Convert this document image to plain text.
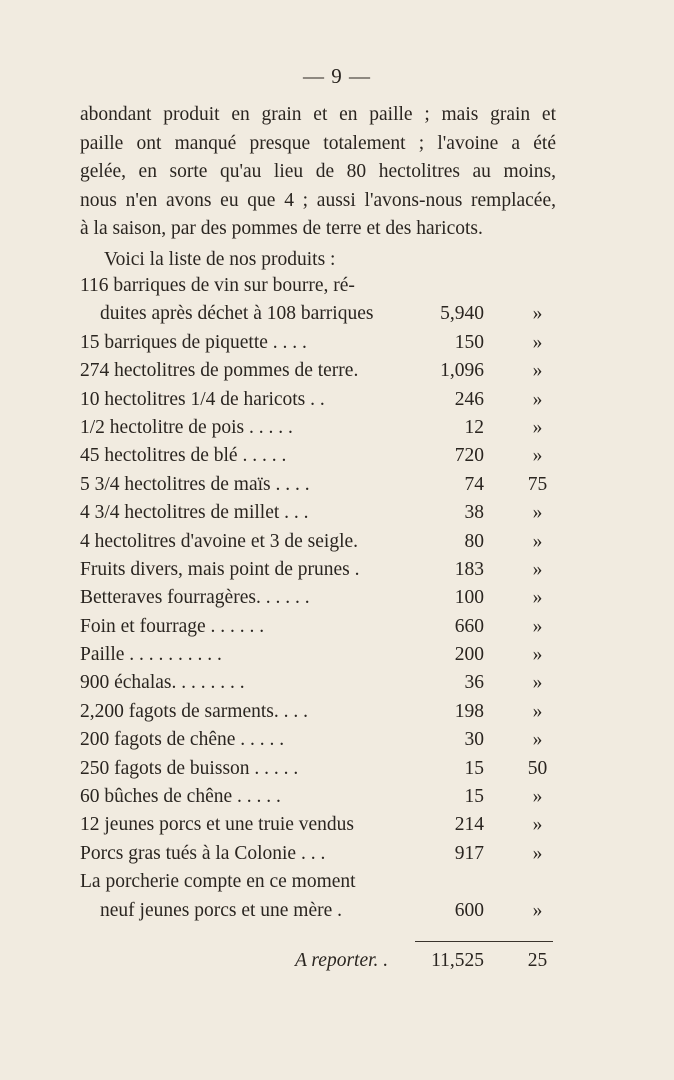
— 9 —
abondant produit en grain et en paille ; mais grain et
paille ont manqué presque totalement ; l'avoine a été
gelée, en sorte qu'au lieu de 80 hectolitres au moins,
nous n'en avons eu que 4 ; aussi l'avons-nous remplacée,
à la saison, par des pommes de terre et des haricots.
Voici la liste de nos produits :
116 barriques de vin sur bourre, ré-
duites après déchet à 108 barriques	5,940	»
15 barriques de piquette . . . .	150	»
274 hectolitres de pommes de terre.	1,096	»
10 hectolitres 1/4 de haricots . .	246	»
1/2 hectolitre de pois . . . . .	12	»
45 hectolitres de blé . . . . .	720	»
5 3/4 hectolitres de maïs . . . .	74	75
4 3/4 hectolitres de millet . . .	38	»
4 hectolitres d'avoine et 3 de seigle.	80	»
Fruits divers, mais point de prunes .	183	»
Betteraves fourragères. . . . . .	100	»
Foin et fourrage . . . . . .	660	»
Paille . . . . . . . . . .	200	»
900 échalas. . . . . . . .	36	»
2,200 fagots de sarments. . . .	198	»
200 fagots de chêne . . . . .	30	»
250 fagots de buisson . . . . .	15	50
60 bûches de chêne . . . . .	15	»
12 jeunes porcs et une truie vendus	214	»
Porcs gras tués à la Colonie . . .	917	»
La porcherie compte en ce moment
neuf jeunes porcs et une mère .	600	»
A reporter. . 11,525	25
